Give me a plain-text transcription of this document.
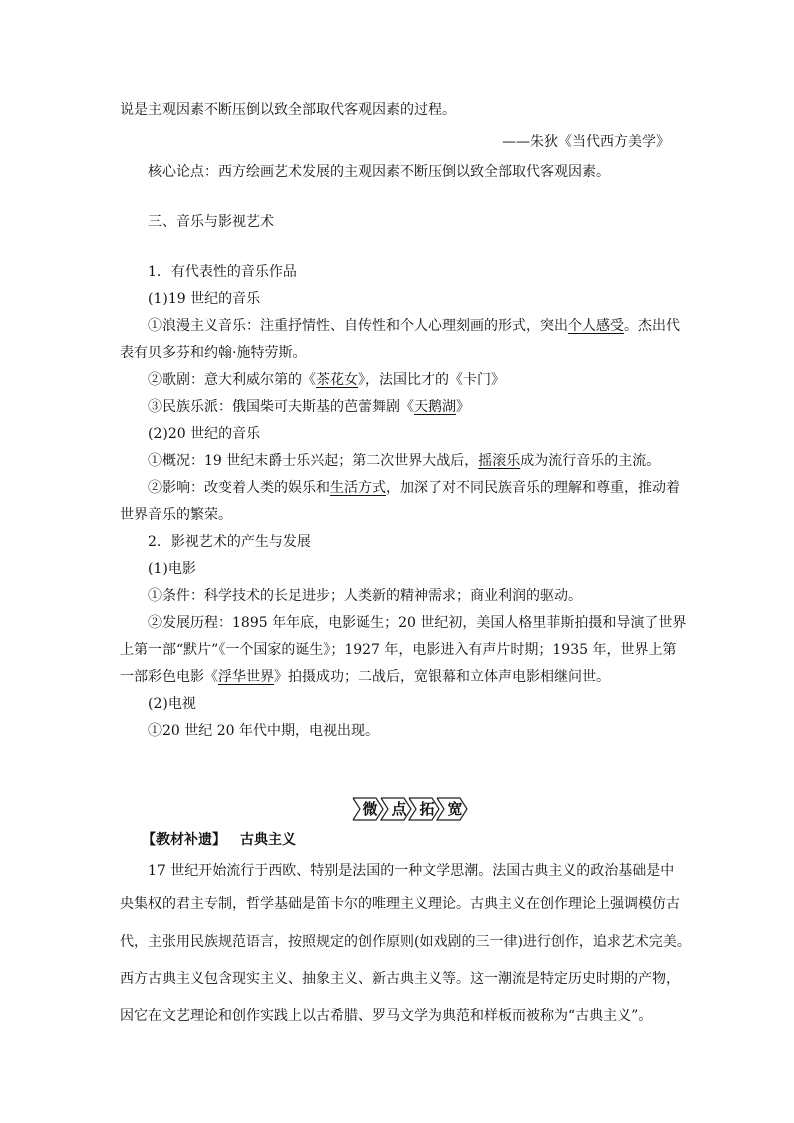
说是主观因素不断压倒以致全部取代客观因素的过程。
——朱狄《当代西方美学》
核心论点：西方绘画艺术发展的主观因素不断压倒以致全部取代客观因素。
三、音乐与影视艺术
1．有代表性的音乐作品
(1)19 世纪的音乐
①浪漫主义音乐：注重抒情性、自传性和个人心理刻画的形式，突出个人感受。杰出代
表有贝多芬和约翰·施特劳斯。
②歌剧：意大利威尔第的《茶花女》，法国比才的《卡门》
③民族乐派：俄国柴可夫斯基的芭蕾舞剧《天鹅湖》
(2)20 世纪的音乐
①概况：19 世纪末爵士乐兴起；第二次世界大战后，摇滚乐成为流行音乐的主流。
②影响：改变着人类的娱乐和生活方式，加深了对不同民族音乐的理解和尊重，推动着
世界音乐的繁荣。
2．影视艺术的产生与发展
(1)电影
①条件：科学技术的长足进步；人类新的精神需求；商业利润的驱动。
②发展历程：1895 年年底，电影诞生；20 世纪初，美国人格里菲斯拍摄和导演了世界
上第一部“默片”《一个国家的诞生》；1927 年，电影进入有声片时期；1935 年，世界上第
一部彩色电影《浮华世界》拍摄成功；二战后，宽银幕和立体声电影相继问世。
(2)电视
①20 世纪 20 年代中期，电视出现。
微 点 拓 宽
【教材补遗】 古典主义
17 世纪开始流行于西欧、特别是法国的一种文学思潮。法国古典主义的政治基础是中
央集权的君主专制，哲学基础是笛卡尔的唯理主义理论。古典主义在创作理论上强调模仿古
代，主张用民族规范语言，按照规定的创作原则(如戏剧的三一律)进行创作，追求艺术完美。
西方古典主义包含现实主义、抽象主义、新古典主义等。这一潮流是特定历史时期的产物，
因它在文艺理论和创作实践上以古希腊、罗马文学为典范和样板而被称为“古典主义”。
